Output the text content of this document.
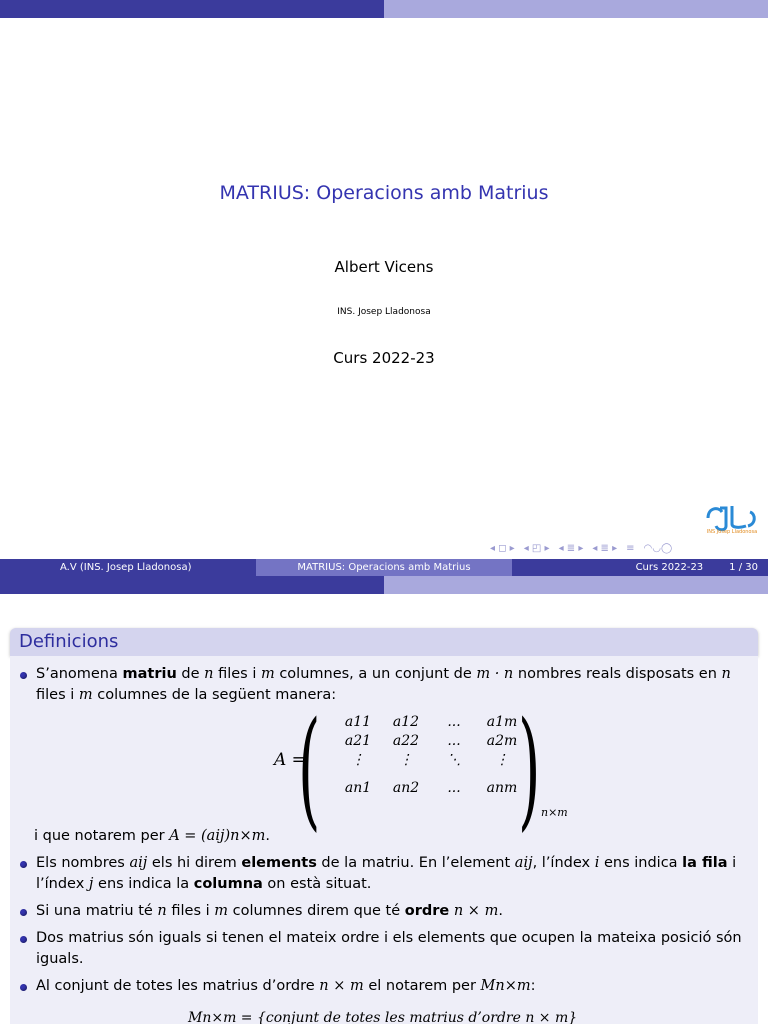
MATRIUS: Operacions amb Matrius
Albert Vicens
INS. Josep Lladonosa
Curs 2022-23
INS Josep Lladonosa
◂ ◻ ▸ ◂ ◰ ▸ ◂ ≣ ▸ ◂ ≣ ▸ ≡ ◠◡◯
A.V (INS. Josep Lladonosa)	MATRIUS: Operacions amb Matrius	Curs 2022-23	1 / 30
Definicions
S’anomena matriu de n files i m columnes, a un conjunt de m · n nombres reals disposats en n files i m columnes de la següent manera:
A =
(	a11	a12	...	a1m
a21	a22	...	a2m
⋮	⋮	⋱	⋮
an1	an2	...	anm ) n×m
i que notarem per A = (aij)n×m.
Els nombres aij els hi direm elements de la matriu. En l’element aij, l’índex i ens indica la fila i l’índex j ens indica la columna on està situat.
Si una matriu té n files i m columnes direm que té ordre n × m.
Dos matrius són iguals si tenen el mateix ordre i els elements que ocupen la mateixa posició són iguals.
Al conjunt de totes les matrius d’ordre n × m el notarem per Mn×m:
Mn×m = {conjunt de totes les matrius d’ordre n × m}
